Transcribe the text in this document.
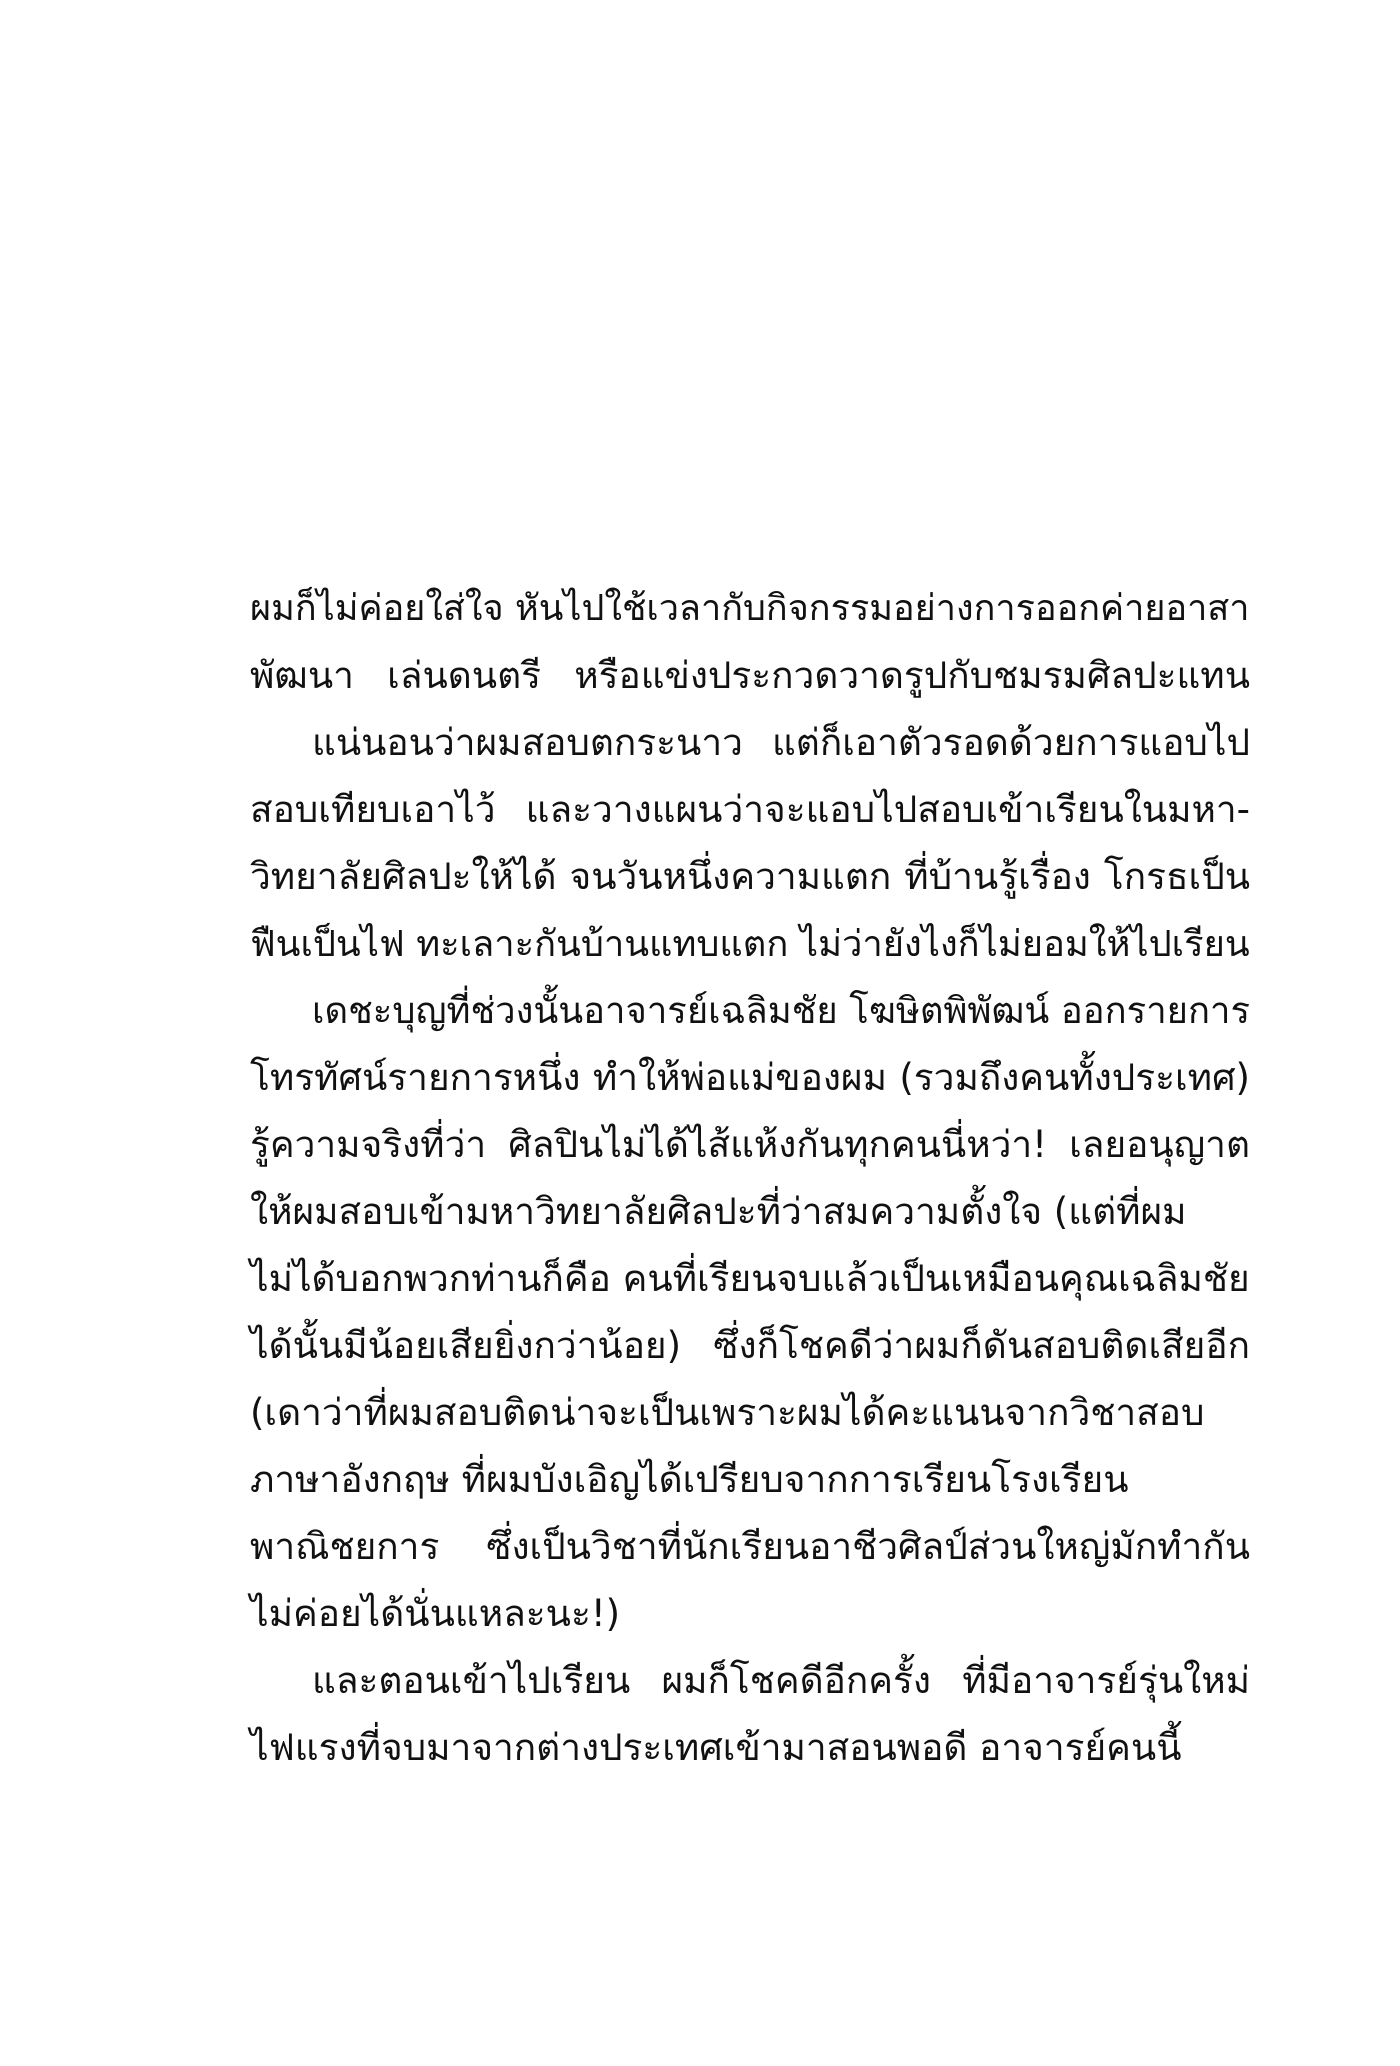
ผมก็ไม่ค่อยใส่ใจ หันไปใช้เวลากับกิจกรรมอย่างการออกค่ายอาสา
พัฒนา เล่นดนตรี หรือแข่งประกวดวาดรูปกับชมรมศิลปะแทน
แน่นอนว่าผมสอบตกระนาว แต่ก็เอาตัวรอดด้วยการแอบไป
สอบเทียบเอาไว้ และวางแผนว่าจะแอบไปสอบเข้าเรียนในมหา-
วิทยาลัยศิลปะให้ได้ จนวันหนึ่งความแตก ที่บ้านรู้เรื่อง โกรธเป็น
ฟืนเป็นไฟ ทะเลาะกันบ้านแทบแตก ไม่ว่ายังไงก็ไม่ยอมให้ไปเรียน
เดชะบุญที่ช่วงนั้นอาจารย์เฉลิมชัย โฆษิตพิพัฒน์ ออกรายการ
โทรทัศน์รายการหนึ่ง ทำให้พ่อแม่ของผม (รวมถึงคนทั้งประเทศ)
รู้ความจริงที่ว่า ศิลปินไม่ได้ไส้แห้งกันทุกคนนี่หว่า! เลยอนุญาต
ให้ผมสอบเข้ามหาวิทยาลัยศิลปะที่ว่าสมความตั้งใจ (แต่ที่ผม
ไม่ได้บอกพวกท่านก็คือ คนที่เรียนจบแล้วเป็นเหมือนคุณเฉลิมชัย
ได้นั้นมีน้อยเสียยิ่งกว่าน้อย) ซึ่งก็โชคดีว่าผมก็ดันสอบติดเสียอีก
(เดาว่าที่ผมสอบติดน่าจะเป็นเพราะผมได้คะแนนจากวิชาสอบ
ภาษาอังกฤษ ที่ผมบังเอิญได้เปรียบจากการเรียนโรงเรียน
พาณิชยการ ซึ่งเป็นวิชาที่นักเรียนอาชีวศิลป์ส่วนใหญ่มักทำกัน
ไม่ค่อยได้นั่นแหละนะ!)
และตอนเข้าไปเรียน ผมก็โชคดีอีกครั้ง ที่มีอาจารย์รุ่นใหม่
ไฟแรงที่จบมาจากต่างประเทศเข้ามาสอนพอดี อาจารย์คนนี้
